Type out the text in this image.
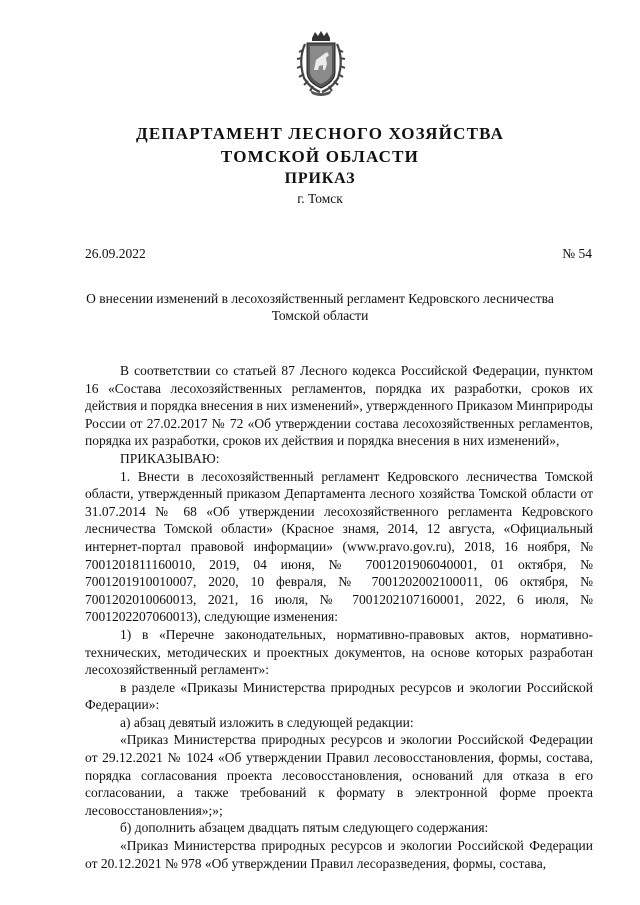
ДЕПАРТАМЕНТ ЛЕСНОГО ХОЗЯЙСТВА
ТОМСКОЙ ОБЛАСТИ
ПРИКАЗ
г. Томск
26.09.2022	№ 54
О внесении изменений в лесохозяйственный регламент Кедровского лесничества Томской области

В соответствии со статьей 87 Лесного кодекса Российской Федерации, пунктом 16 «Состава лесохозяйственных регламентов, порядка их разработки, сроков их действия и порядка внесения в них изменений», утвержденного Приказом Минприроды России от 27.02.2017 № 72 «Об утверждении состава лесохозяйственных регламентов, порядка их разработки, сроков их действия и порядка внесения в них изменений»,

ПРИКАЗЫВАЮ:

1. Внести в лесохозяйственный регламент Кедровского лесничества Томской области, утвержденный приказом Департамента лесного хозяйства Томской области от 31.07.2014 № 68 «Об утверждении лесохозяйственного регламента Кедровского лесничества Томской области» (Красное знамя, 2014, 12 августа, «Официальный интернет-портал правовой информации» (www.pravo.gov.ru), 2018, 16 ноября, № 7001201811160010, 2019, 04 июня, № 7001201906040001, 01 октября, № 7001201910010007, 2020, 10 февраля, № 7001202002100011, 06 октября, № 7001202010060013, 2021, 16 июля, № 7001202107160001, 2022, 6 июля, № 7001202207060013), следующие изменения:

1) в «Перечне законодательных, нормативно-правовых актов, нормативно-технических, методических и проектных документов, на основе которых разработан лесохозяйственный регламент»:

в разделе «Приказы Министерства природных ресурсов и экологии Российской Федерации»:

а) абзац девятый изложить в следующей редакции:

«Приказ Министерства природных ресурсов и экологии Российской Федерации от 29.12.2021 № 1024 «Об утверждении Правил лесовосстановления, формы, состава, порядка согласования проекта лесовосстановления, оснований для отказа в его согласовании, а также требований к формату в электронной форме проекта лесовосстановления»;»;

б) дополнить абзацем двадцать пятым следующего содержания:

«Приказ Министерства природных ресурсов и экологии Российской Федерации от 20.12.2021 № 978 «Об утверждении Правил лесоразведения, формы, состава,
